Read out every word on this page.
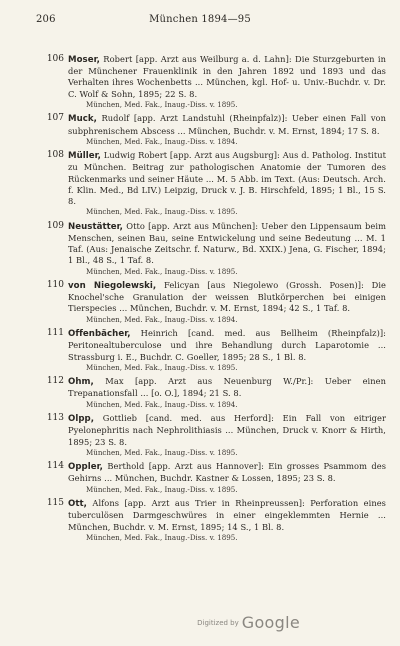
206	München 1894—95
106 Moser, Robert [app. Arzt aus Weilburg a. d. Lahn]: Die Sturzgeburten in der Münchener Frauenklinik in den Jahren 1892 und 1893 und das Verhalten ihres Wochenbetts ... München, kgl. Hof- u. Univ.-Buchdr. v. Dr. C. Wolf & Sohn, 1895; 22 S. 8.
München, Med. Fak., Inaug.-Diss. v. 1895.
107 Muck, Rudolf [app. Arzt Landstuhl (Rheinpfalz)]: Ueber einen Fall von subphrenischem Abscess ... München, Buchdr. v. M. Ernst, 1894; 17 S. 8.
München, Med. Fak., Inaug.-Diss. v. 1894.
108 Müller, Ludwig Robert [app. Arzt aus Augsburg]: Aus d. Patholog. Institut zu München. Beitrag zur pathologischen Anatomie der Tumoren des Rückenmarks und seiner Häute ... M. 5 Abb. im Text. (Aus: Deutsch. Arch. f. Klin. Med., Bd LIV.) Leipzig, Druck v. J. B. Hirschfeld, 1895; 1 Bl., 15 S. 8.
München, Med. Fak., Inaug.-Diss. v. 1895.
109 Neustätter, Otto [app. Arzt aus München]: Ueber den Lippensaum beim Menschen, seinen Bau, seine Entwickelung und seine Bedeutung ... M. 1 Taf. (Aus: Jenaische Zeitschr. f. Naturw., Bd. XXIX.) Jena, G. Fischer, 1894; 1 Bl., 48 S., 1 Taf. 8.
München, Med. Fak., Inaug.-Diss. v. 1895.
110 von Niegolewski, Felicyan [aus Niegolewo (Grossh. Posen)]: Die Knochel'sche Granulation der weissen Blutkörperchen bei einigen Tierspecies ... München, Buchdr. v. M. Ernst, 1894; 42 S., 1 Taf. 8.
München, Med. Fak., Inaug.-Diss. v. 1894.
111 Offenbächer, Heinrich [cand. med. aus Bellheim (Rheinpfalz)]: Peritonealtuberculose und ihre Behandlung durch Laparotomie ... Strassburg i. E., Buchdr. C. Goeller, 1895; 28 S., 1 Bl. 8.
München, Med. Fak., Inaug.-Diss. v. 1895.
112 Ohm, Max [app. Arzt aus Neuenburg W./Pr.]: Ueber einen Trepanationsfall ... [o. O.], 1894; 21 S. 8.
München, Med. Fak., Inaug.-Diss. v. 1894.
113 Olpp, Gottlieb [cand. med. aus Herford]: Ein Fall von eitriger Pyelonephritis nach Nephrolithiasis ... München, Druck v. Knorr & Hirth, 1895; 23 S. 8.
München, Med. Fak., Inaug.-Diss. v. 1895.
114 Oppler, Berthold [app. Arzt aus Hannover]: Ein grosses Psammom des Gehirns ... München, Buchdr. Kastner & Lossen, 1895; 23 S. 8.
München, Med. Fak., Inaug.-Diss. v. 1895.
115 Ott, Alfons [app. Arzt aus Trier in Rheinpreussen]: Perforation eines tuberculösen Darmgeschwüres in einer eingeklemmten Hernie ... München, Buchdr. v. M. Ernst, 1895; 14 S., 1 Bl. 8.
München, Med. Fak., Inaug.-Diss. v. 1895.
Digitized by Google
